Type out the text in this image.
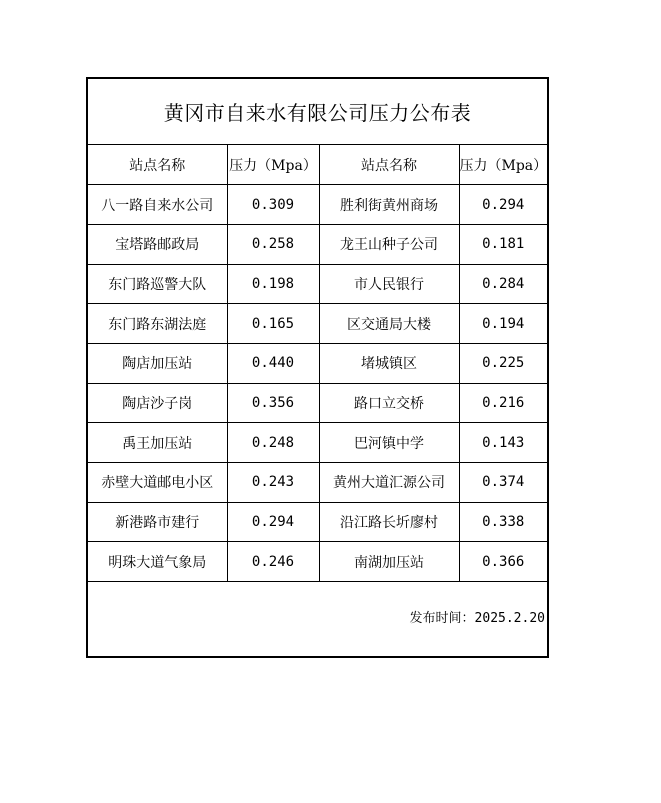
黄冈市自来水有限公司压力公布表
站点名称	压力（Mpa）	站点名称	压力（Mpa）
八一路自来水公司	0.309	胜利街黄州商场	0.294
宝塔路邮政局	0.258	龙王山种子公司	0.181
东门路巡警大队	0.198	市人民银行	0.284
东门路东湖法庭	0.165	区交通局大楼	0.194
陶店加压站	0.440	堵城镇区	0.225
陶店沙子岗	0.356	路口立交桥	0.216
禹王加压站	0.248	巴河镇中学	0.143
赤壁大道邮电小区	0.243	黄州大道汇源公司	0.374
新港路市建行	0.294	沿江路长圻廖村	0.338
明珠大道气象局	0.246	南湖加压站	0.366
发布时间：2025.2.20
